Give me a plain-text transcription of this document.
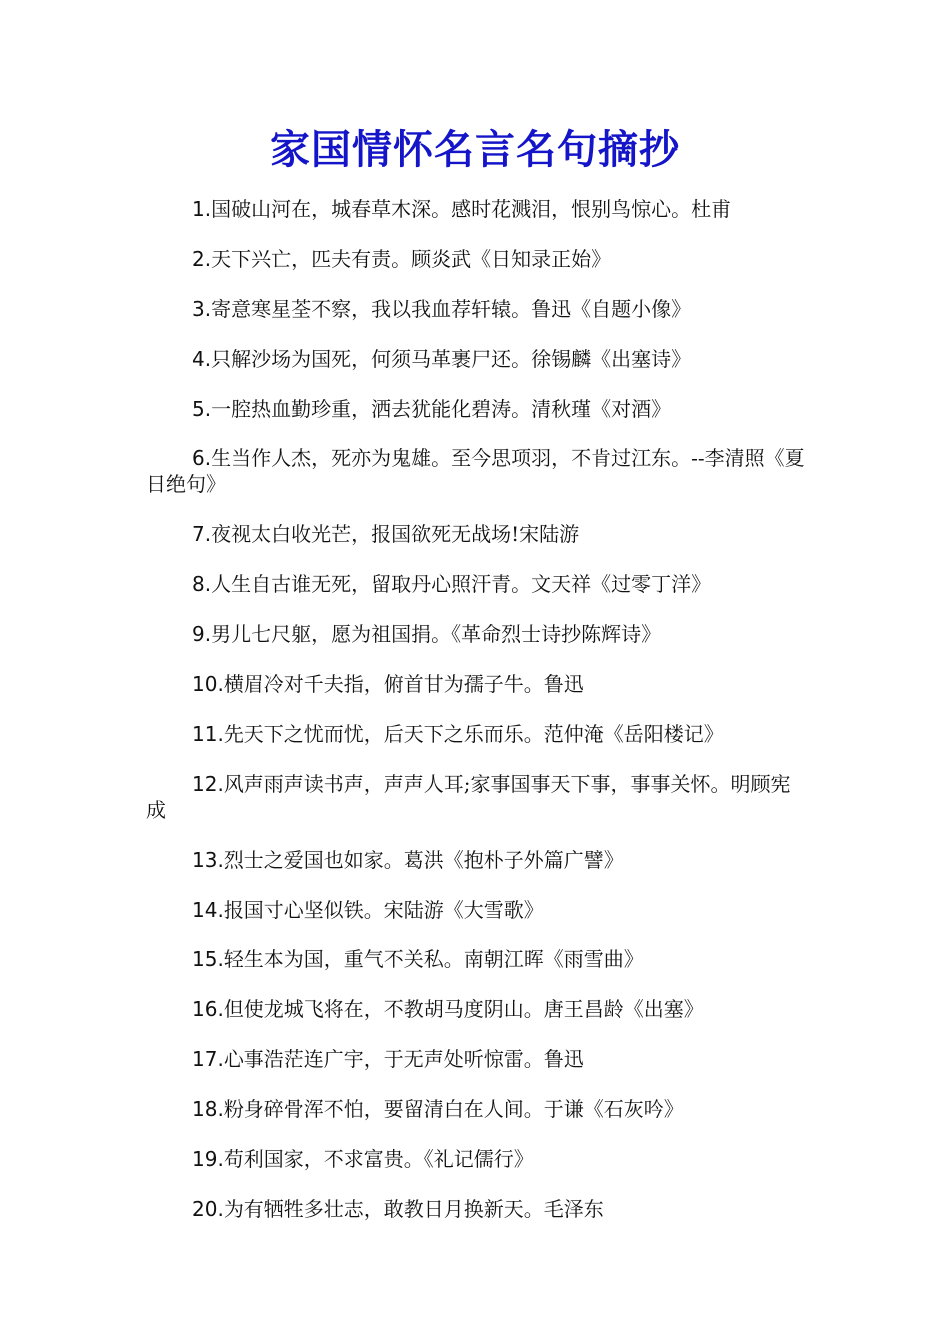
家国情怀名言名句摘抄

1.国破山河在，城春草木深。感时花溅泪，恨别鸟惊心。杜甫

2.天下兴亡，匹夫有责。顾炎武《日知录正始》

3.寄意寒星荃不察，我以我血荐轩辕。鲁迅《自题小像》

4.只解沙场为国死，何须马革裹尸还。徐锡麟《出塞诗》

5.一腔热血勤珍重，洒去犹能化碧涛。清秋瑾《对酒》

6.生当作人杰，死亦为鬼雄。至今思项羽，不肯过江东。--李清照《夏日绝句》

7.夜视太白收光芒，报国欲死无战场!宋陆游

8.人生自古谁无死，留取丹心照汗青。文天祥《过零丁洋》

9.男儿七尺躯，愿为祖国捐。《革命烈士诗抄陈辉诗》

10.横眉冷对千夫指，俯首甘为孺子牛。鲁迅

11.先天下之忧而忧，后天下之乐而乐。范仲淹《岳阳楼记》

12.风声雨声读书声，声声人耳;家事国事天下事，事事关怀。明顾宪成

13.烈士之爱国也如家。葛洪《抱朴子外篇广譬》

14.报国寸心坚似铁。宋陆游《大雪歌》

15.轻生本为国，重气不关私。南朝江晖《雨雪曲》

16.但使龙城飞将在，不教胡马度阴山。唐王昌龄《出塞》

17.心事浩茫连广宇，于无声处听惊雷。鲁迅

18.粉身碎骨浑不怕，要留清白在人间。于谦《石灰吟》

19.苟利国家，不求富贵。《礼记儒行》

20.为有牺牲多壮志，敢教日月换新天。毛泽东
